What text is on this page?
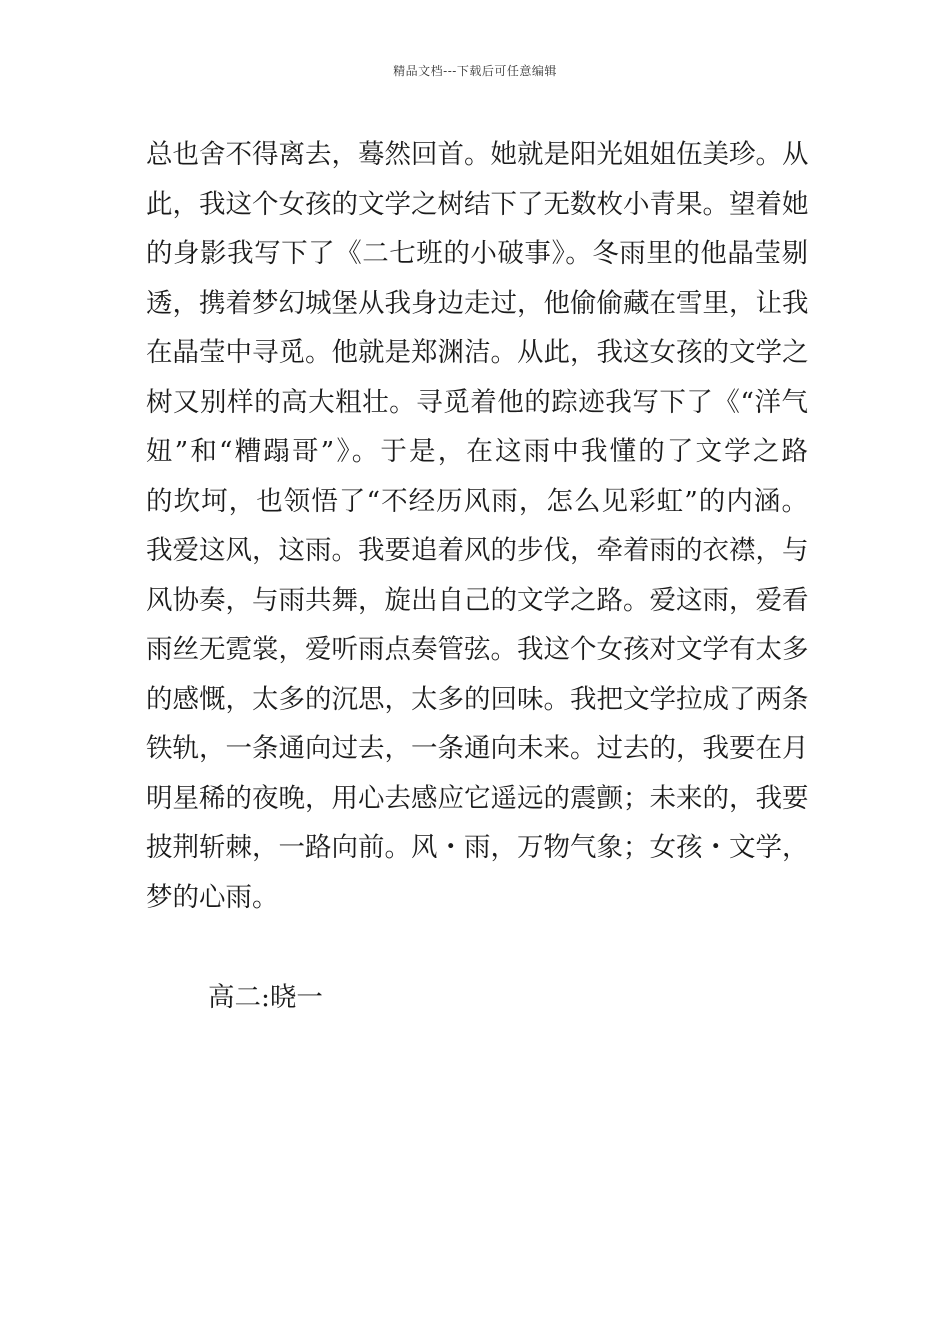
精品文档---下载后可任意编辑
总也舍不得离去，蓦然回首。她就是阳光姐姐伍美珍。从
此，我这个女孩的文学之树结下了无数枚小青果。望着她
的身影我写下了《二七班的小破事》。冬雨里的他晶莹剔
透，携着梦幻城堡从我身边走过，他偷偷藏在雪里，让我
在晶莹中寻觅。他就是郑渊洁。从此，我这女孩的文学之
树又别样的高大粗壮。寻觅着他的踪迹我写下了《“洋气
妞”和“糟蹋哥”》。于是，在这雨中我懂的了文学之路
的坎坷，也领悟了“不经历风雨，怎么见彩虹”的内涵。
我爱这风，这雨。我要追着风的步伐，牵着雨的衣襟，与
风协奏，与雨共舞，旋出自己的文学之路。爱这雨，爱看
雨丝无霓裳，爱听雨点奏管弦。我这个女孩对文学有太多
的感慨，太多的沉思，太多的回味。我把文学拉成了两条
铁轨，一条通向过去，一条通向未来。过去的，我要在月
明星稀的夜晚，用心去感应它遥远的震颤；未来的，我要
披荆斩棘，一路向前。风・雨，万物气象；女孩・文学，
梦的心雨。
高二:晓一
